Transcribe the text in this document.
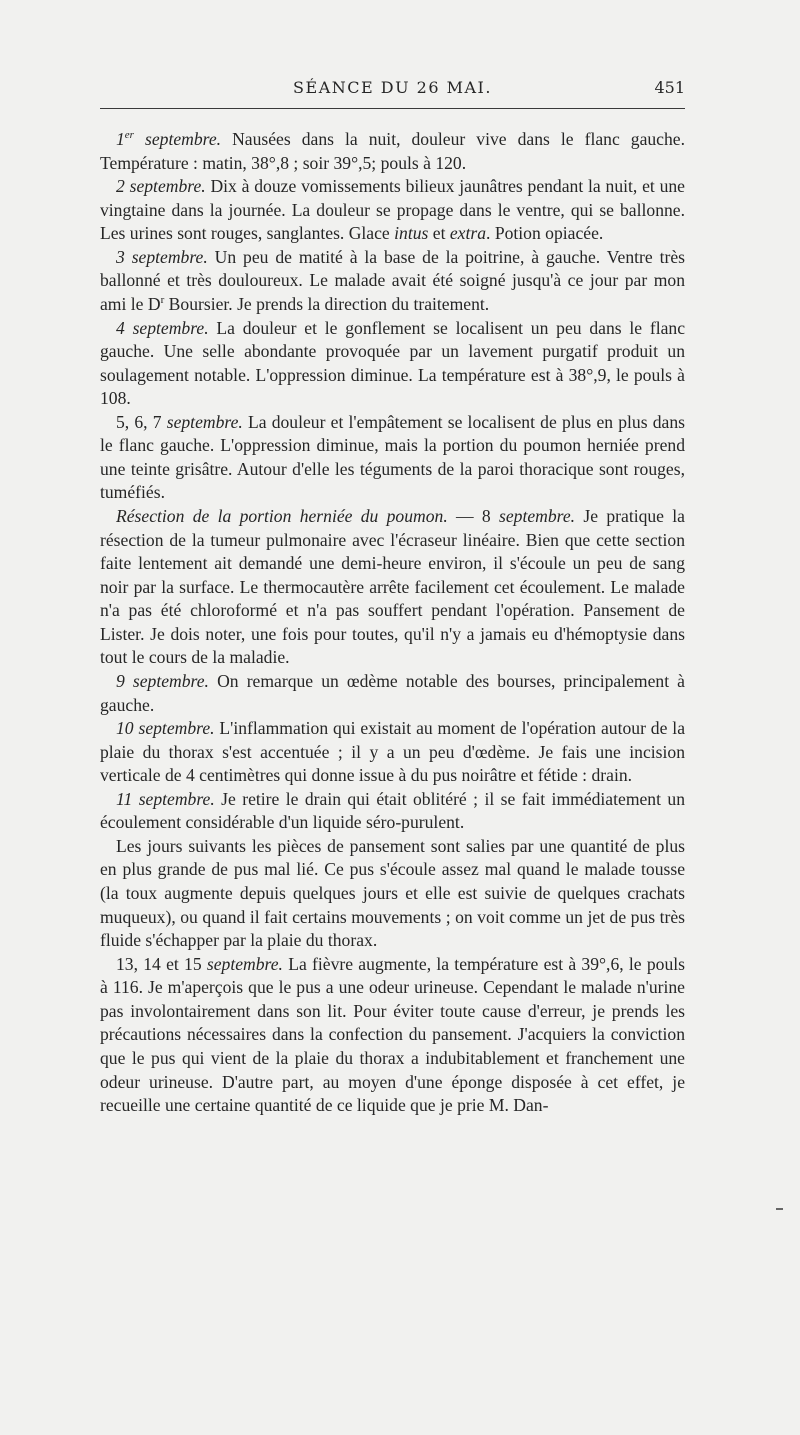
SÉANCE DU 26 MAI.	451

1er septembre. Nausées dans la nuit, douleur vive dans le flanc gauche. Température : matin, 38°,8 ; soir 39°,5; pouls à 120.

2 septembre. Dix à douze vomissements bilieux jaunâtres pendant la nuit, et une vingtaine dans la journée. La douleur se propage dans le ventre, qui se ballonne. Les urines sont rouges, sanglantes. Glace intus et extra. Potion opiacée.

3 septembre. Un peu de matité à la base de la poitrine, à gauche. Ventre très ballonné et très douloureux. Le malade avait été soigné jusqu'à ce jour par mon ami le $D^r$ Boursier. Je prends la direction du traitement.

4 septembre. La douleur et le gonflement se localisent un peu dans le flanc gauche. Une selle abondante provoquée par un lavement purgatif produit un soulagement notable. L'oppression diminue. La température est à 38°,9, le pouls à 108.

5, 6, 7 septembre. La douleur et l'empâtement se localisent de plus en plus dans le flanc gauche. L'oppression diminue, mais la portion du poumon herniée prend une teinte grisâtre. Autour d'elle les téguments de la paroi thoracique sont rouges, tuméfiés.

Résection de la portion herniée du poumon. — 8 septembre. Je pratique la résection de la tumeur pulmonaire avec l'écraseur linéaire. Bien que cette section faite lentement ait demandé une demi-heure environ, il s'écoule un peu de sang noir par la surface. Le thermocautère arrête facilement cet écoulement. Le malade n'a pas été chloroformé et n'a pas souffert pendant l'opération. Pansement de Lister. Je dois noter, une fois pour toutes, qu'il n'y a jamais eu d'hémoptysie dans tout le cours de la maladie.

9 septembre. On remarque un œdème notable des bourses, principalement à gauche.

10 septembre. L'inflammation qui existait au moment de l'opération autour de la plaie du thorax s'est accentuée ; il y a un peu d'œdème. Je fais une incision verticale de 4 centimètres qui donne issue à du pus noirâtre et fétide : drain.

11 septembre. Je retire le drain qui était oblitéré ; il se fait immédiatement un écoulement considérable d'un liquide séro-purulent.

Les jours suivants les pièces de pansement sont salies par une quantité de plus en plus grande de pus mal lié. Ce pus s'écoule assez mal quand le malade tousse (la toux augmente depuis quelques jours et elle est suivie de quelques crachats muqueux), ou quand il fait certains mouvements ; on voit comme un jet de pus très fluide s'échapper par la plaie du thorax.

13, 14 et 15 septembre. La fièvre augmente, la température est à 39°,6, le pouls à 116. Je m'aperçois que le pus a une odeur urineuse. Cependant le malade n'urine pas involontairement dans son lit. Pour éviter toute cause d'erreur, je prends les précautions nécessaires dans la confection du pansement. J'acquiers la conviction que le pus qui vient de la plaie du thorax a indubitablement et franchement une odeur urineuse. D'autre part, au moyen d'une éponge disposée à cet effet, je recueille une certaine quantité de ce liquide que je prie M. Dan-
